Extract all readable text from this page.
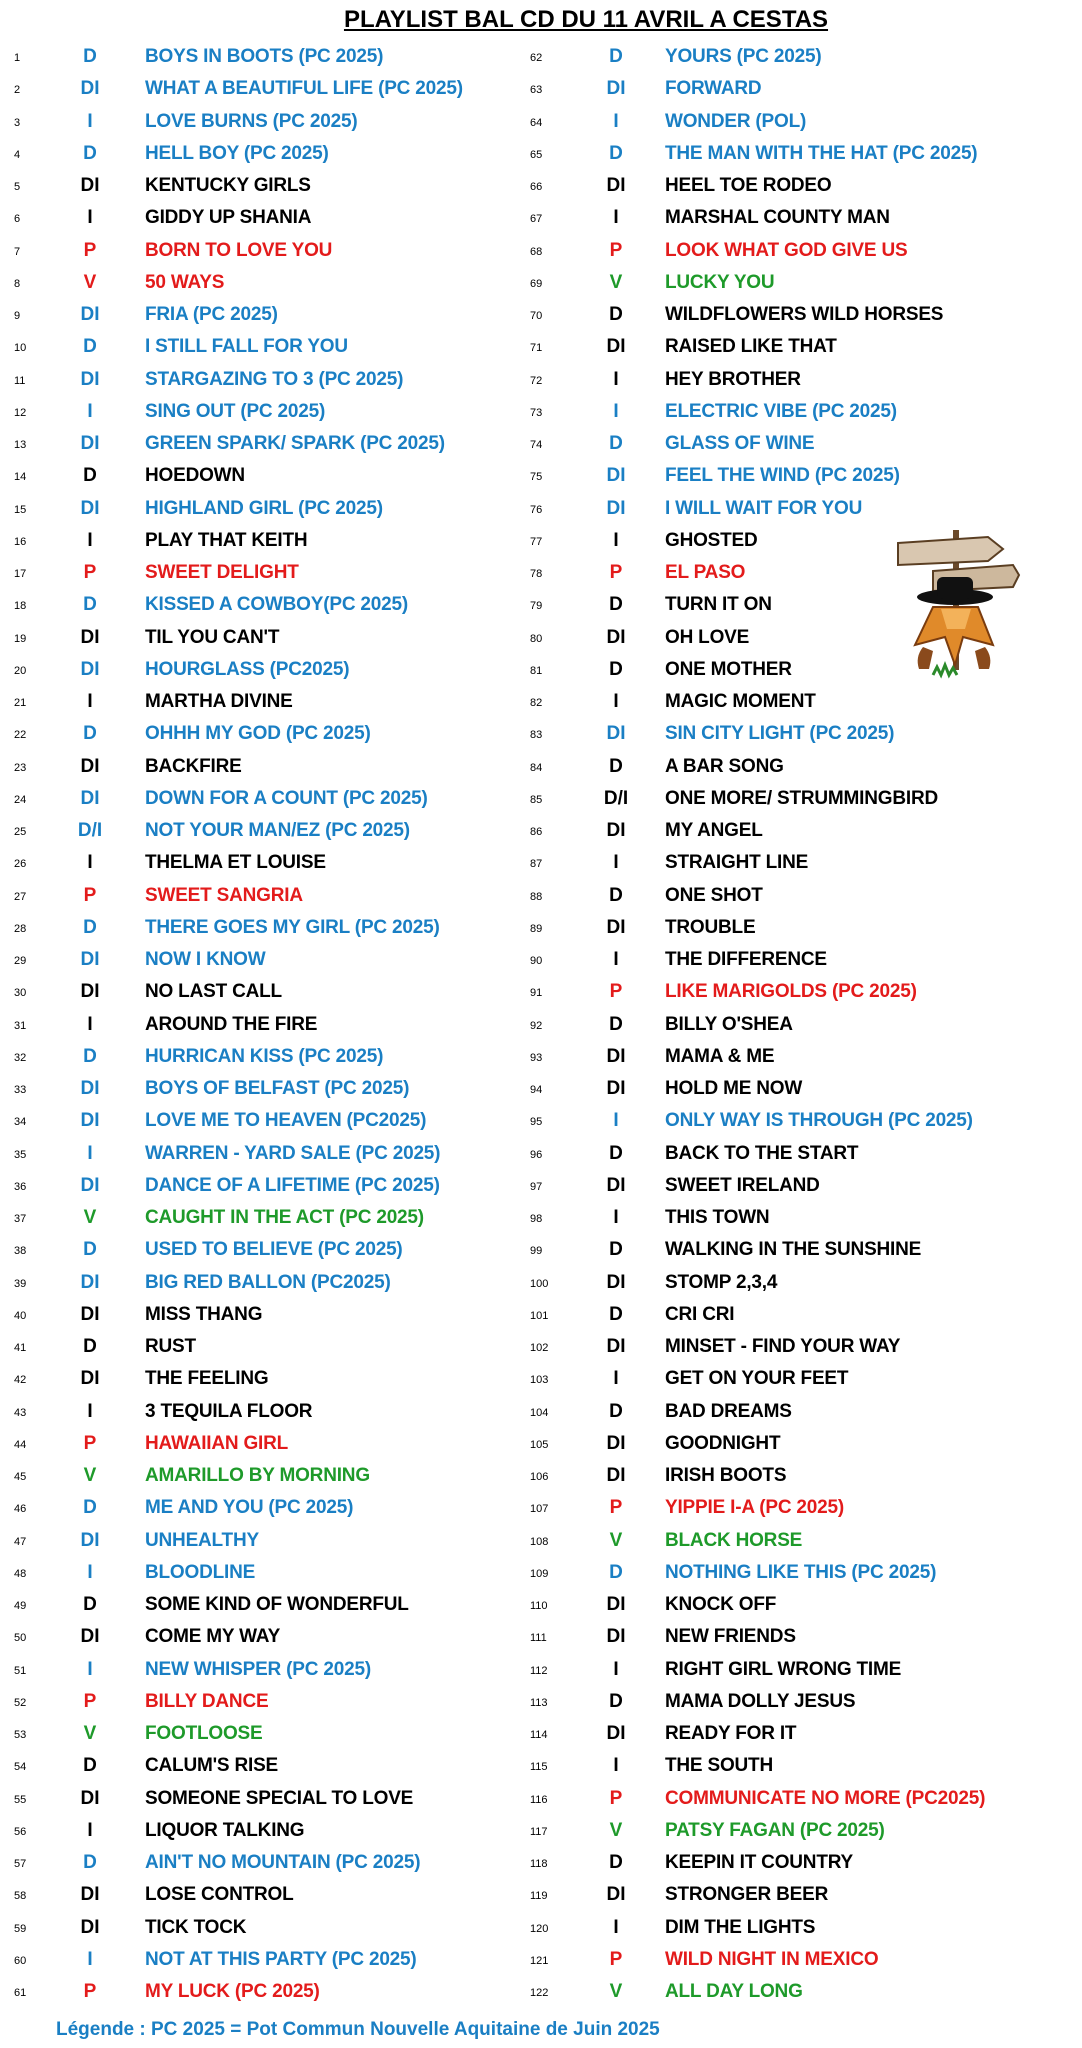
PLAYLIST BAL CD DU 11 AVRIL A CESTAS
1	D	BOYS IN BOOTS (PC 2025)
2	DI	WHAT A BEAUTIFUL LIFE (PC 2025)
3	I	LOVE BURNS (PC 2025)
4	D	HELL BOY (PC 2025)
5	DI	KENTUCKY GIRLS
6	I	GIDDY UP SHANIA
7	P	BORN TO LOVE YOU
8	V	50 WAYS
9	DI	FRIA (PC 2025)
10	D	I STILL FALL FOR YOU
11	DI	STARGAZING TO 3 (PC 2025)
12	I	SING OUT (PC 2025)
13	DI	GREEN SPARK/ SPARK (PC 2025)
14	D	HOEDOWN
15	DI	HIGHLAND GIRL (PC 2025)
16	I	PLAY THAT KEITH
17	P	SWEET DELIGHT
18	D	KISSED A COWBOY(PC 2025)
19	DI	TIL YOU CAN'T
20	DI	HOURGLASS (PC2025)
21	I	MARTHA DIVINE
22	D	OHHH MY GOD (PC 2025)
23	DI	BACKFIRE
24	DI	DOWN FOR A COUNT (PC 2025)
25	D/I	NOT YOUR MAN/EZ (PC 2025)
26	I	THELMA ET LOUISE
27	P	SWEET SANGRIA
28	D	THERE GOES MY GIRL (PC 2025)
29	DI	NOW I KNOW
30	DI	NO LAST CALL
31	I	AROUND THE FIRE
32	D	HURRICAN KISS (PC 2025)
33	DI	BOYS OF BELFAST (PC 2025)
34	DI	LOVE ME TO HEAVEN (PC2025)
35	I	WARREN - YARD SALE (PC 2025)
36	DI	DANCE OF A LIFETIME (PC 2025)
37	V	CAUGHT IN THE ACT (PC 2025)
38	D	USED TO BELIEVE (PC 2025)
39	DI	BIG RED BALLON (PC2025)
40	DI	MISS THANG
41	D	RUST
42	DI	THE FEELING
43	I	3 TEQUILA FLOOR
44	P	HAWAIIAN GIRL
45	V	AMARILLO BY MORNING
46	D	ME AND YOU (PC 2025)
47	DI	UNHEALTHY
48	I	BLOODLINE
49	D	SOME KIND OF WONDERFUL
50	DI	COME MY WAY
51	I	NEW WHISPER (PC 2025)
52	P	BILLY DANCE
53	V	FOOTLOOSE
54	D	CALUM'S RISE
55	DI	SOMEONE SPECIAL TO LOVE
56	I	LIQUOR TALKING
57	D	AIN'T NO MOUNTAIN (PC 2025)
58	DI	LOSE CONTROL
59	DI	TICK TOCK
60	I	NOT AT THIS PARTY (PC 2025)
61	P	MY LUCK (PC 2025)
62	D	YOURS (PC 2025)
63	DI	FORWARD
64	I	WONDER (POL)
65	D	THE MAN WITH THE HAT (PC 2025)
66	DI	HEEL TOE RODEO
67	I	MARSHAL COUNTY MAN
68	P	LOOK WHAT GOD GIVE US
69	V	LUCKY YOU
70	D	WILDFLOWERS WILD HORSES
71	DI	RAISED LIKE THAT
72	I	HEY BROTHER
73	I	ELECTRIC VIBE (PC 2025)
74	D	GLASS OF WINE
75	DI	FEEL THE WIND (PC 2025)
76	DI	I WILL WAIT FOR YOU
77	I	GHOSTED
78	P	EL PASO
79	D	TURN IT ON
80	DI	OH LOVE
81	D	ONE MOTHER
82	I	MAGIC MOMENT
83	DI	SIN CITY LIGHT (PC 2025)
84	D	A BAR SONG
85	D/I	ONE MORE/ STRUMMINGBIRD
86	DI	MY ANGEL
87	I	STRAIGHT LINE
88	D	ONE SHOT
89	DI	TROUBLE
90	I	THE DIFFERENCE
91	P	LIKE MARIGOLDS (PC 2025)
92	D	BILLY O'SHEA
93	DI	MAMA & ME
94	DI	HOLD ME NOW
95	I	ONLY WAY IS THROUGH (PC 2025)
96	D	BACK TO THE START
97	DI	SWEET IRELAND
98	I	THIS TOWN
99	D	WALKING IN THE SUNSHINE
100	DI	STOMP 2,3,4
101	D	CRI CRI
102	DI	MINSET - FIND YOUR WAY
103	I	GET ON YOUR FEET
104	D	BAD DREAMS
105	DI	GOODNIGHT
106	DI	IRISH BOOTS
107	P	YIPPIE I-A (PC 2025)
108	V	BLACK HORSE
109	D	NOTHING LIKE THIS (PC 2025)
110	DI	KNOCK OFF
111	DI	NEW FRIENDS
112	I	RIGHT GIRL WRONG TIME
113	D	MAMA DOLLY JESUS
114	DI	READY FOR IT
115	I	THE SOUTH
116	P	COMMUNICATE NO MORE (PC2025)
117	V	PATSY FAGAN (PC 2025)
118	D	KEEPIN IT COUNTRY
119	DI	STRONGER BEER
120	I	DIM THE LIGHTS
121	P	WILD NIGHT IN MEXICO
122	V	ALL DAY LONG
Légende : PC 2025 = Pot Commun Nouvelle Aquitaine de Juin 2025
